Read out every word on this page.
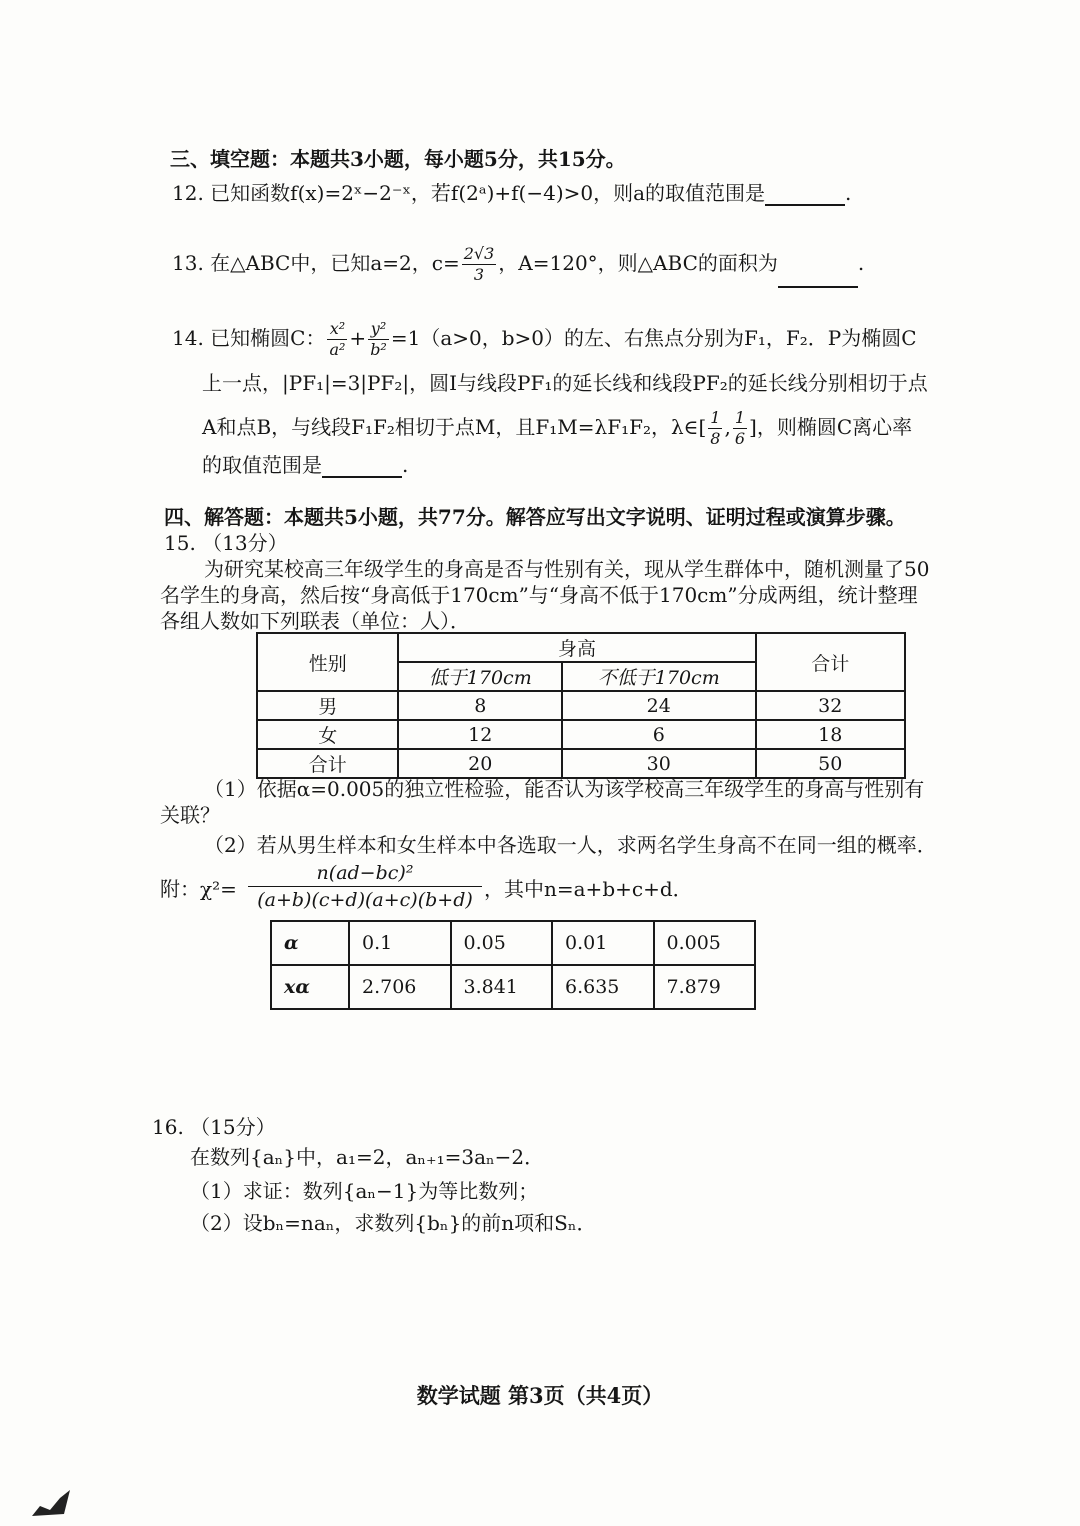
三、填空题：本题共3小题，每小题5分，共15分。
12. 已知函数f(x)=2ˣ−2⁻ˣ，若f(2ᵃ)+f(−4)>0，则a的取值范围是	.
13. 在△ABC中，已知a=2，$c= \frac{2√3}{3}$ ，A=120°，则△ABC的面积为	.
14. 已知椭圆C： $\frac{\text{x²}}{\text{a²}} + \frac{\text{y²}}{\text{b²}} =1(a>0$，b>0）的左、右焦点分别为F₁，F₂．P为椭圆C
上一点，|PF₁|=3|PF₂|，圆I与线段PF₁的延长线和线段PF₂的延长线分别相切于点
A和点B，与线段F₁F₂相切于点M，且F₁M=λF₁F₂，λ∈[ $\frac{1}{8}$ , $\frac{1}{6}$ ]，则椭圆C离心率
的取值范围是	.
四、解答题：本题共5小题，共77分。解答应写出文字说明、证明过程或演算步骤。
15. （13分）
为研究某校高三年级学生的身高是否与性别有关，现从学生群体中，随机测量了50
名学生的身高，然后按“身高低于170cm”与“身高不低于170cm”分成两组，统计整理
各组人数如下列联表（单位：人）．
性别	身高		合计
	低于170cm	不低于170cm	
男	8	24	32
女	12	6	18
合计	20	30	50
（1）依据α=0.005的独立性检验，能否认为该学校高三年级学生的身高与性别有
关联？
（2）若从男生样本和女生样本中各选取一人，求两名学生身高不在同一组的概率．
附：$\chi^2= \frac{\text{n(ad−bc)²}}{(a+b)(c+d)(a+c)(b+d)}$ ，其中n=a+b+c+d．
α	0.1	0.05	0.01	0.005
xα	2.706	3.841	6.635	7.879
16. （15分）
在数列{aₙ}中，a₁=2，aₙ₊₁=3aₙ−2．
（1）求证：数列{aₙ−1}为等比数列；
（2）设bₙ=naₙ，求数列{bₙ}的前n项和Sₙ．
数学试题 第3页（共4页）
